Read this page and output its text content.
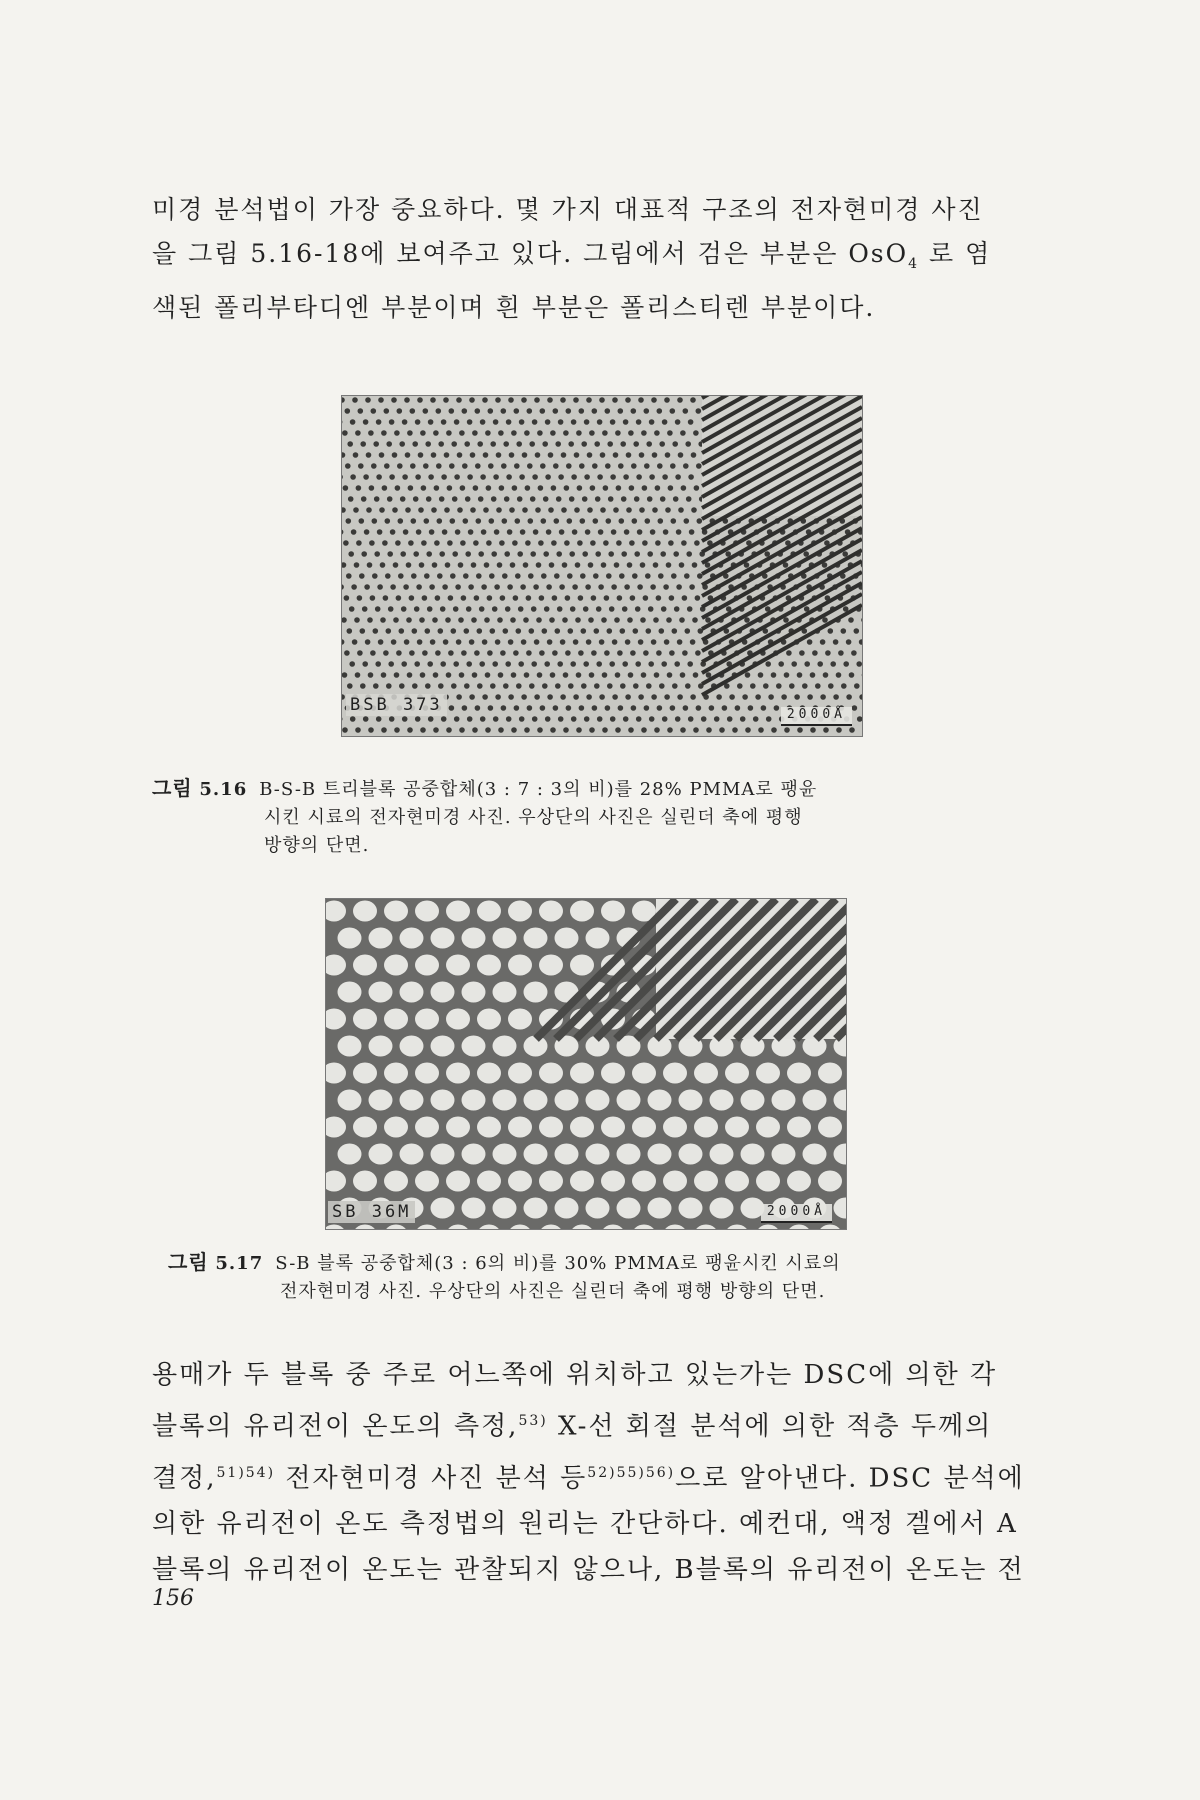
미경 분석법이 가장 중요하다. 몇 가지 대표적 구조의 전자현미경 사진
을 그림 5.16-18에 보여주고 있다. 그림에서 검은 부분은 OsO$_4$ 로 염
색된 폴리부타디엔 부분이며 흰 부분은 폴리스티렌 부분이다.

BSB 373	2000Å
그림 5.16 B-S-B 트리블록 공중합체(3 : 7 : 3의 비)를 28% PMMA로 팽윤
시킨 시료의 전자현미경 사진. 우상단의 사진은 실린더 축에 평행
방향의 단면.
SB 36M	2000Å
그림 5.17 S-B 블록 공중합체(3 : 6의 비)를 30% PMMA로 팽윤시킨 시료의
전자현미경 사진. 우상단의 사진은 실린더 축에 평행 방향의 단면.

용매가 두 블록 중 주로 어느쪽에 위치하고 있는가는 DSC에 의한 각
블록의 유리전이 온도의 측정,$^{53)}$ X-선 회절 분석에 의한 적층 두께의
결정,$^{51)54)}$ 전자현미경 사진 분석 등$^{52)55)56)}$으로 알아낸다. DSC 분석에
의한 유리전이 온도 측정법의 원리는 간단하다. 예컨대, 액정 겔에서 A
블록의 유리전이 온도는 관찰되지 않으나, B블록의 유리전이 온도는 전

156
